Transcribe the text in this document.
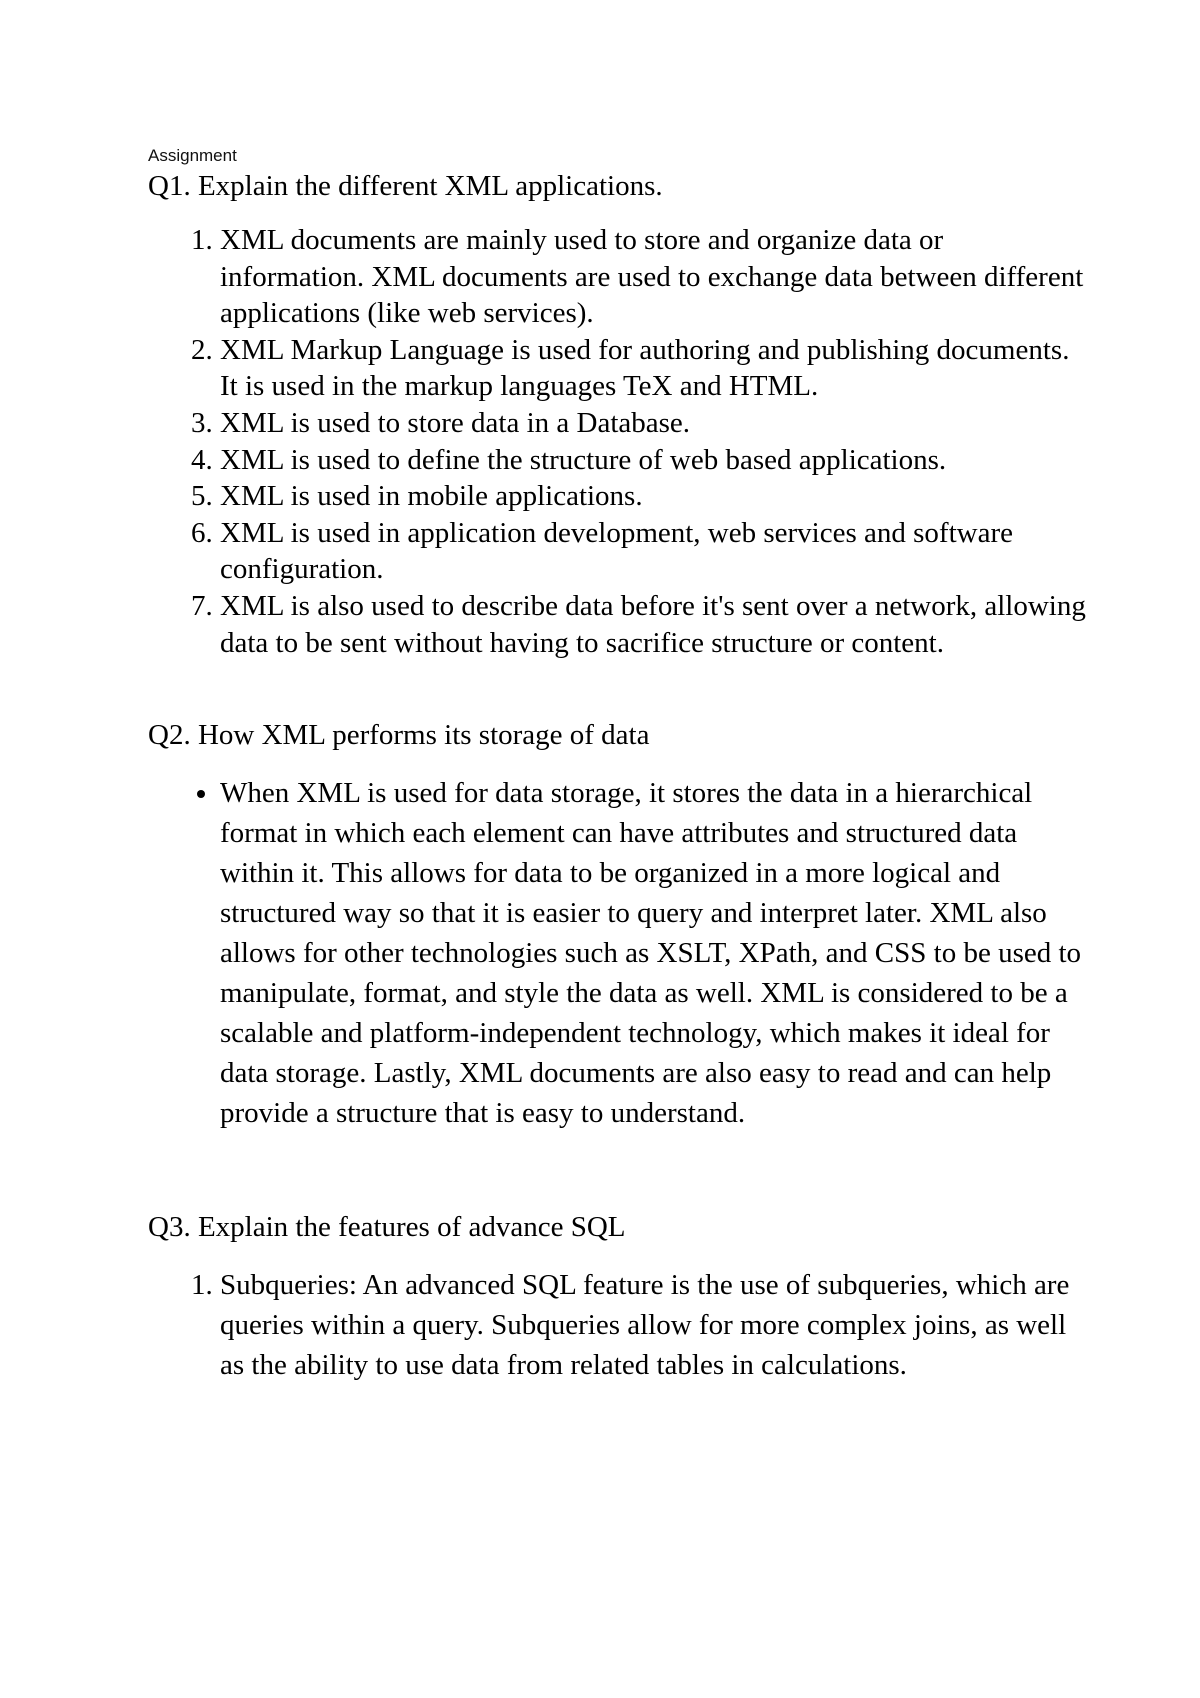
Assignment

Q1. Explain the different XML applications.

1. XML documents are mainly used to store and organize data or information. XML documents are used to exchange data between different applications (like web services).
2. XML Markup Language is used for authoring and publishing documents. It is used in the markup languages TeX and HTML.
3. XML is used to store data in a Database.
4. XML is used to define the structure of web based applications.
5. XML is used in mobile applications.
6. XML is used in application development, web services and software configuration.
7. XML is also used to describe data before it's sent over a network, allowing data to be sent without having to sacrifice structure or content.

Q2. How XML performs its storage of data

• When XML is used for data storage, it stores the data in a hierarchical format in which each element can have attributes and structured data within it. This allows for data to be organized in a more logical and structured way so that it is easier to query and interpret later. XML also allows for other technologies such as XSLT, XPath, and CSS to be used to manipulate, format, and style the data as well. XML is considered to be a scalable and platform-independent technology, which makes it ideal for data storage. Lastly, XML documents are also easy to read and can help provide a structure that is easy to understand.

Q3. Explain the features of advance SQL

1. Subqueries: An advanced SQL feature is the use of subqueries, which are queries within a query. Subqueries allow for more complex joins, as well as the ability to use data from related tables in calculations.
